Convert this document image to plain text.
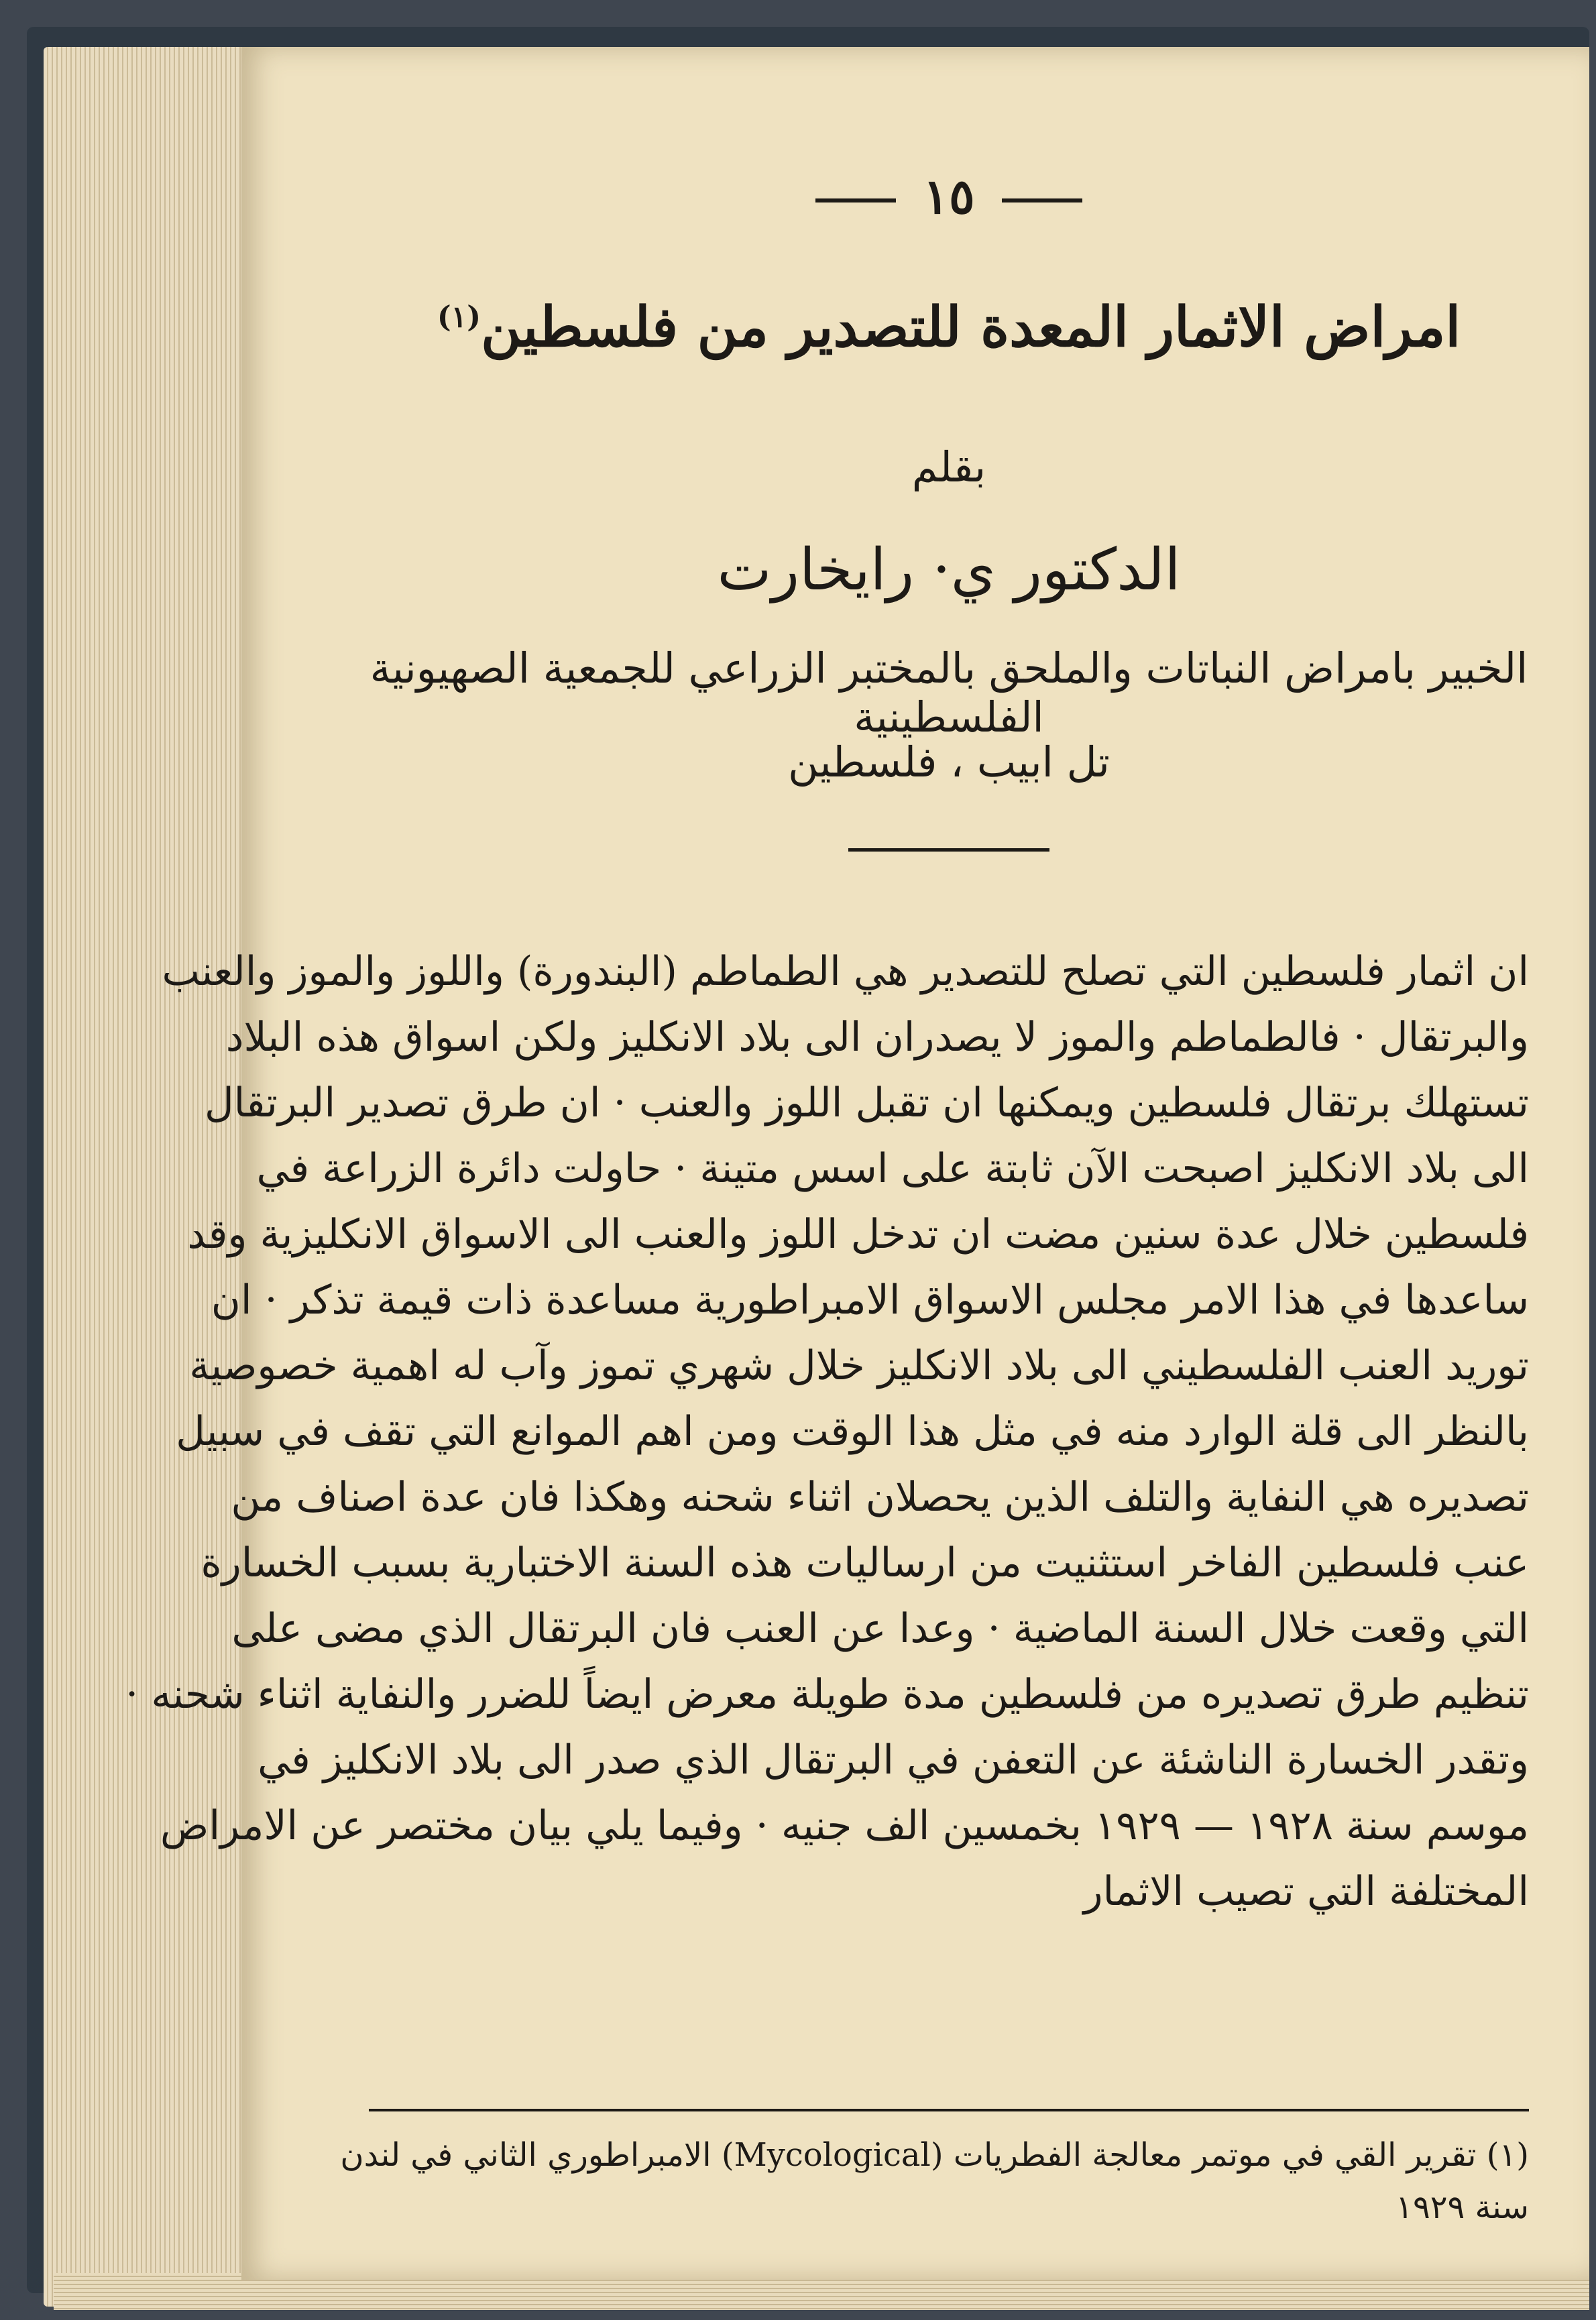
١٥
امراض الاثمار المعدة للتصدير من فلسطين$^{(١)}$
بقلم
الدكتور ي· رايخارت
الخبير بامراض النباتات والملحق بالمختبر الزراعي للجمعية الصهيونية الفلسطينية
تل ابيب ، فلسطين
ان اثمار فلسطين التي تصلح للتصدير هي الطماطم (البندورة) واللوز والموز والعنب
والبرتقال · فالطماطم والموز لا يصدران الى بلاد الانكليز ولكن اسواق هذه البلاد
تستهلك برتقال فلسطين ويمكنها ان تقبل اللوز والعنب · ان طرق تصدير البرتقال
الى بلاد الانكليز اصبحت الآن ثابتة على اسس متينة · حاولت دائرة الزراعة في
فلسطين خلال عدة سنين مضت ان تدخل اللوز والعنب الى الاسواق الانكليزية وقد
ساعدها في هذا الامر مجلس الاسواق الامبراطورية مساعدة ذات قيمة تذكر · ان
توريد العنب الفلسطيني الى بلاد الانكليز خلال شهري تموز وآب له اهمية خصوصية
بالنظر الى قلة الوارد منه في مثل هذا الوقت ومن اهم الموانع التي تقف في سبيل
تصديره هي النفاية والتلف الذين يحصلان اثناء شحنه وهكذا فان عدة اصناف من
عنب فلسطين الفاخر استثنيت من ارساليات هذه السنة الاختبارية بسبب الخسارة
التي وقعت خلال السنة الماضية · وعدا عن العنب فان البرتقال الذي مضى على
تنظيم طرق تصديره من فلسطين مدة طويلة معرض ايضاً للضرر والنفاية اثناء شحنه ·
وتقدر الخسارة الناشئة عن التعفن في البرتقال الذي صدر الى بلاد الانكليز في
موسم سنة ١٩٢٨ — ١٩٢٩ بخمسين الف جنيه · وفيما يلي بيان مختصر عن الامراض
المختلفة التي تصيب الاثمار
(١) تقرير القي في موتمر معالجة الفطريات (Mycological) الامبراطوري الثاني في لندن
سنة ١٩٢٩
